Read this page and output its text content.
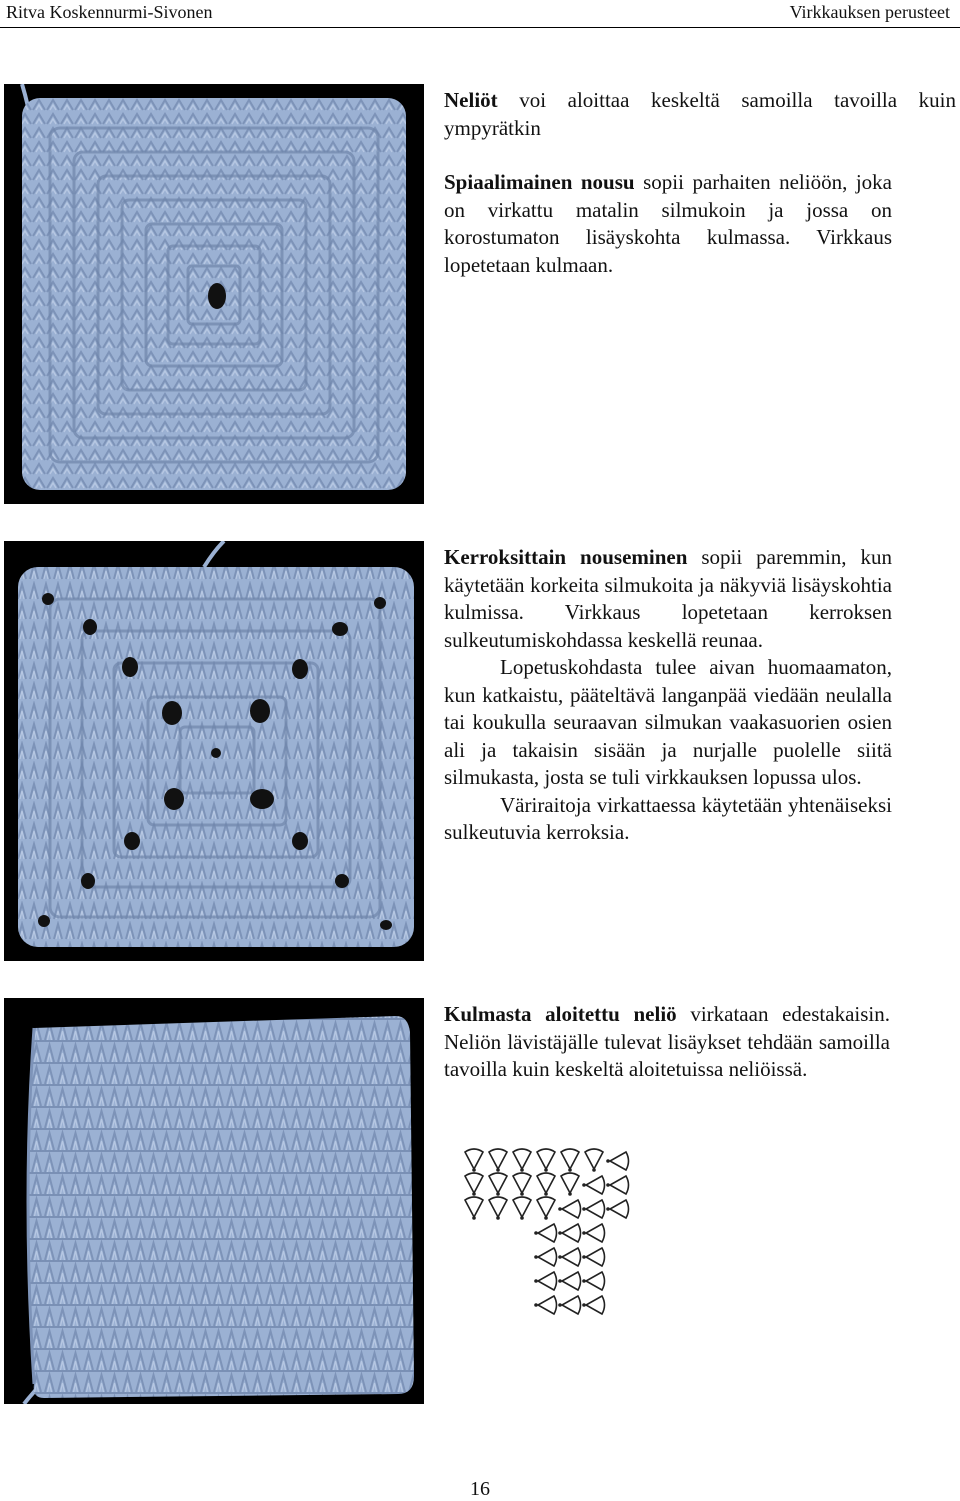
Ritva Koskennurmi-Sivonen	Virkkauksen perusteet

Neliöt voi aloittaa keskeltä samoilla tavoilla kuin ympyrätkin

Spiaalimainen nousu sopii parhaiten neliöön, joka on virkattu matalin silmukoin ja jossa on korostumaton lisäyskohta kulmassa. Virkkaus lopetetaan kulmaan.

Kerroksittain nouseminen sopii paremmin, kun käytetään korkeita silmukoita ja näkyviä lisäyskohtia kulmissa. Virkkaus lopetetaan kerroksen sulkeutumiskohdassa keskellä reunaa.

Lopetuskohdasta tulee aivan huomaamaton, kun katkaistu, pääteltävä langanpää viedään neulalla tai koukulla seuraavan silmukan vaakasuorien osien ali ja takaisin sisään ja nurjalle puolelle siitä silmukasta, josta se tuli virkkauksen lopussa ulos.

Väriraitoja virkattaessa käytetään yhtenäiseksi sulkeutuvia kerroksia.

Kulmasta aloitettu neliö virkataan edestakaisin. Neliön lävistäjälle tulevat lisäykset tehdään samoilla tavoilla kuin keskeltä aloitetuissa neliöissä.

16
